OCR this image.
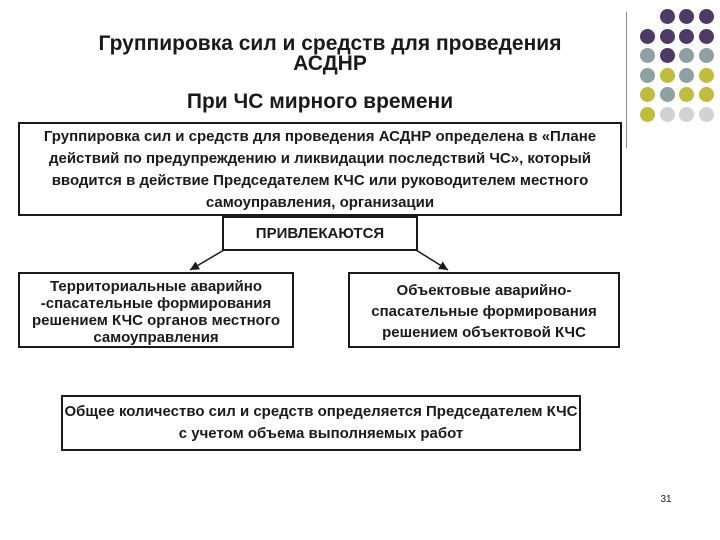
Группировка сил и средств для проведения
АСДНР
При ЧС мирного времени
Группировка сил и средств для проведения АСДНР определена в «Плане действий по предупреждению и ликвидации последствий ЧС», который вводится в действие Председателем КЧС или руководителем местного самоуправления, организации
ПРИВЛЕКАЮТСЯ
Территориальные аварийно -спасательные формирования решением КЧС органов местного самоуправления
Объектовые аварийно-спасательные формирования решением объектовой КЧС
Общее количество сил и средств определяется Председателем КЧС с учетом объема выполняемых работ
31
